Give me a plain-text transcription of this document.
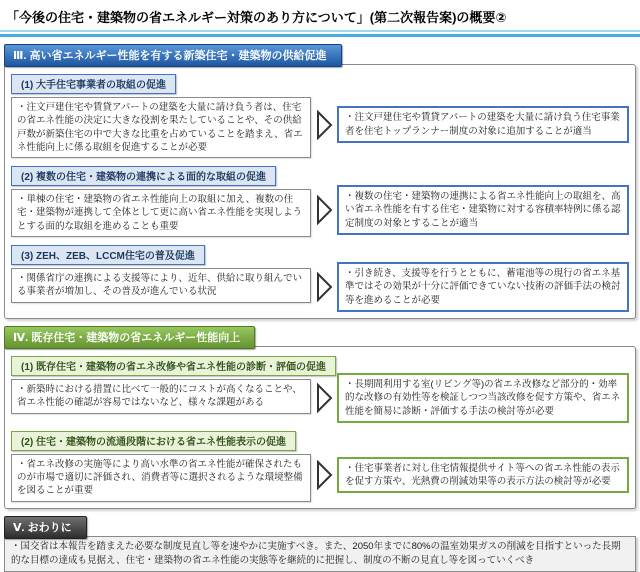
「今後の住宅・建築物の省エネルギー対策のあり方について」(第二次報告案)の概要②
Ⅲ. 高い省エネルギー性能を有する新築住宅・建築物の供給促進
(1) 大手住宅事業者の取組の促進
・注文戸建住宅や賃貸アパートの建築を大量に請け負う者は、住宅の省エネ性能の決定に大きな役割を果たしていることや、その供給戸数が新築住宅の中で大きな比重を占めていることを踏まえ、省エネ性能向上に係る取組を促進することが必要
・注文戸建住宅や賃貸アパートの建築を大量に請け負う住宅事業者を住宅トップランナー制度の対象に追加することが適当
(2) 複数の住宅・建築物の連携による面的な取組の促進
・単棟の住宅・建築物の省エネ性能向上の取組に加え、複数の住宅・建築物が連携して全体として更に高い省エネ性能を実現しようとする面的な取組を進めることも重要
・複数の住宅・建築物の連携による省エネ性能向上の取組を、高い省エネ性能を有する住宅・建築物に対する容積率特例に係る認定制度の対象とすることが適当
(3) ZEH、ZEB、LCCM住宅の普及促進
・関係省庁の連携による支援等により、近年、供給に取り組んでいる事業者が増加し、その普及が進んでいる状況
・引き続き、支援等を行うとともに、蓄電池等の現行の省エネ基準ではその効果が十分に評価できていない技術の評価手法の検討等を進めることが必要
Ⅳ. 既存住宅・建築物の省エネルギー性能向上
(1) 既存住宅・建築物の省エネ改修や省エネ性能の診断・評価の促進
・新築時における措置に比べて一般的にコストが高くなることや、省エネ性能の確認が容易ではないなど、様々な課題がある
・長期間利用する室(リビング等)の省エネ改修など部分的・効率的な改修の有効性等を検証しつつ当該改修を促す方策や、省エネ性能を簡易に診断・評価する手法の検討等が必要
(2) 住宅・建築物の流通段階における省エネ性能表示の促進
・省エネ改修の実施等により高い水準の省エネ性能が確保されたものが市場で適切に評価され、消費者等に選択されるような環境整備を図ることが重要
・住宅事業者に対し住宅情報提供サイト等への省エネ性能の表示を促す方策や、光熱費の削減効果等の表示方法の検討等が必要
Ⅴ. おわりに
・国交省は本報告を踏まえた必要な制度見直し等を速やかに実施すべき。また、2050年までに80%の温室効果ガスの削減を目指すといった長期的な目標の達成も見据え、住宅・建築物の省エネ性能の実態等を継続的に把握し、制度の不断の見直し等を図っていくべき
